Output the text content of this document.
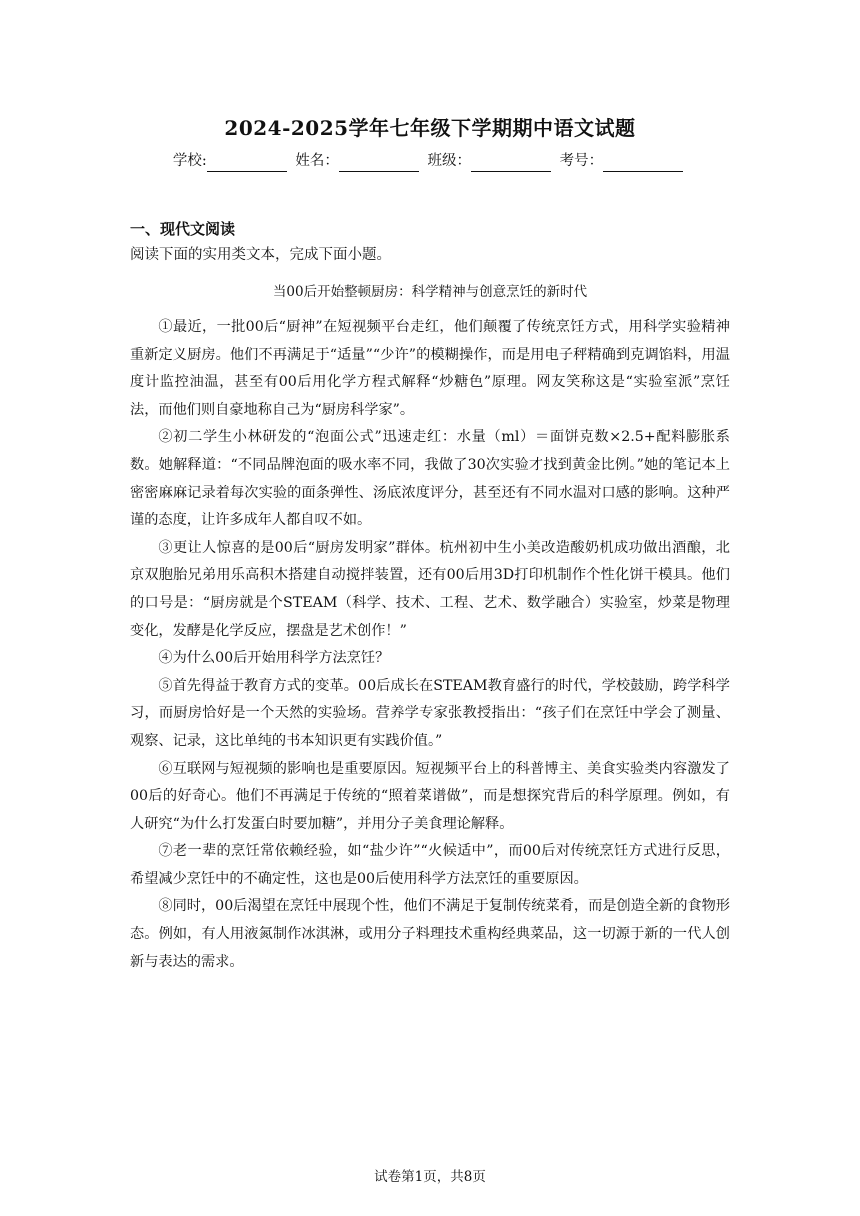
2024-2025学年七年级下学期期中语文试题
学校:	姓名：	班级：	考号：
一、现代文阅读
阅读下面的实用类文本，完成下面小题。
当00后开始整顿厨房：科学精神与创意烹饪的新时代

①最近，一批00后“厨神”在短视频平台走红，他们颠覆了传统烹饪方式，用科学实验精神重新定义厨房。他们不再满足于“适量”“少许”的模糊操作，而是用电子秤精确到克调馅料，用温度计监控油温，甚至有00后用化学方程式解释“炒糖色”原理。网友笑称这是“实验室派”烹饪法，而他们则自豪地称自己为“厨房科学家”。

②初二学生小林研发的“泡面公式”迅速走红：水量（ml）＝面饼克数×2.5+配料膨胀系数。她解释道：“不同品牌泡面的吸水率不同，我做了30次实验才找到黄金比例。”她的笔记本上密密麻麻记录着每次实验的面条弹性、汤底浓度评分，甚至还有不同水温对口感的影响。这种严谨的态度，让许多成年人都自叹不如。

③更让人惊喜的是00后“厨房发明家”群体。杭州初中生小美改造酸奶机成功做出酒酿，北京双胞胎兄弟用乐高积木搭建自动搅拌装置，还有00后用3D打印机制作个性化饼干模具。他们的口号是：“厨房就是个STEAM（科学、技术、工程、艺术、数学融合）实验室，炒菜是物理变化，发酵是化学反应，摆盘是艺术创作！”

④为什么00后开始用科学方法烹饪？

⑤首先得益于教育方式的变革。00后成长在STEAM教育盛行的时代，学校鼓励，跨学科学习，而厨房恰好是一个天然的实验场。营养学专家张教授指出：“孩子们在烹饪中学会了测量、观察、记录，这比单纯的书本知识更有实践价值。”

⑥互联网与短视频的影响也是重要原因。短视频平台上的科普博主、美食实验类内容激发了00后的好奇心。他们不再满足于传统的“照着菜谱做”，而是想探究背后的科学原理。例如，有人研究“为什么打发蛋白时要加糖”，并用分子美食理论解释。

⑦老一辈的烹饪常依赖经验，如“盐少许”“火候适中”，而00后对传统烹饪方式进行反思，希望减少烹饪中的不确定性，这也是00后使用科学方法烹饪的重要原因。

⑧同时，00后渴望在烹饪中展现个性，他们不满足于复制传统菜肴，而是创造全新的食物形态。例如，有人用液氮制作冰淇淋，或用分子料理技术重构经典菜品，这一切源于新的一代人创新与表达的需求。

试卷第1页，共8页
